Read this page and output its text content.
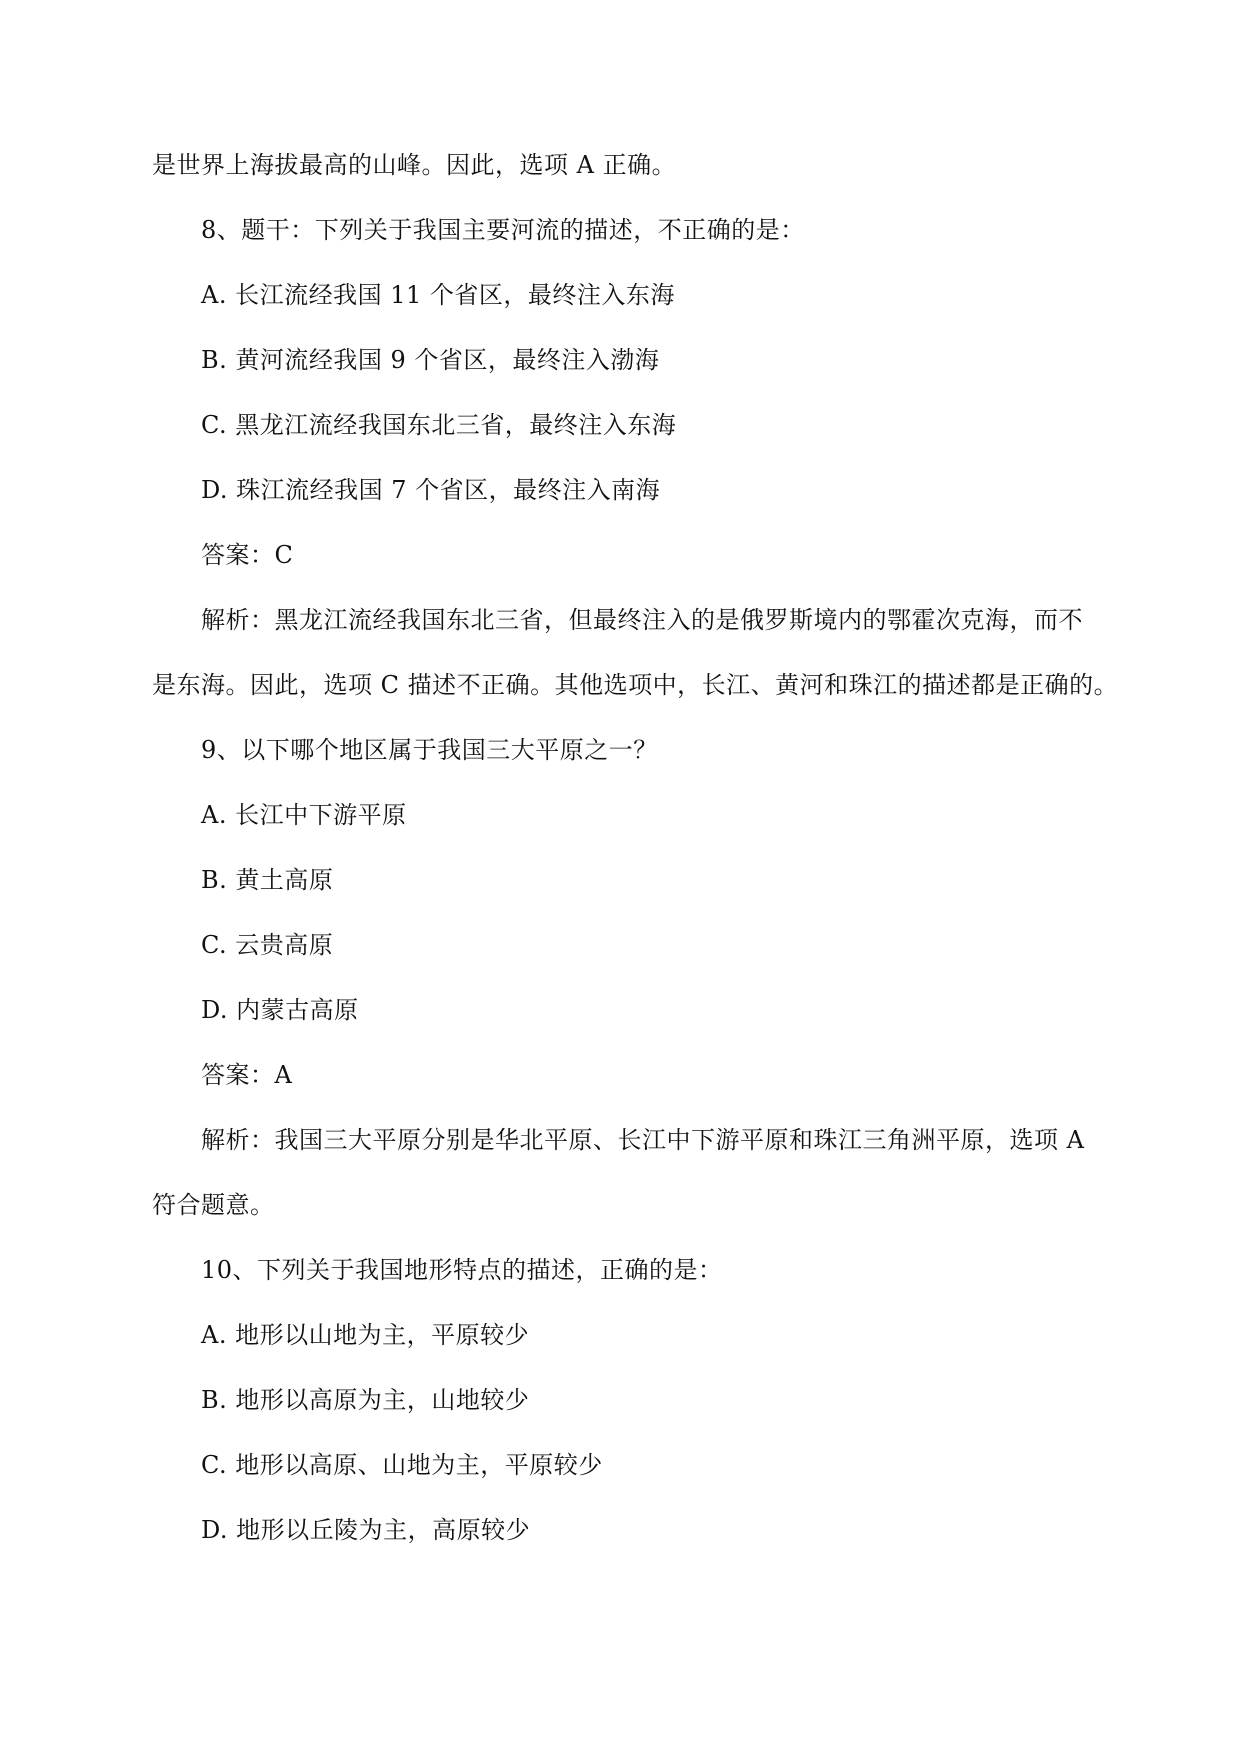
是世界上海拔最高的山峰。因此，选项 A 正确。

8、题干：下列关于我国主要河流的描述，不正确的是：

A. 长江流经我国 11 个省区，最终注入东海

B. 黄河流经我国 9 个省区，最终注入渤海

C. 黑龙江流经我国东北三省，最终注入东海

D. 珠江流经我国 7 个省区，最终注入南海

答案：C

解析：黑龙江流经我国东北三省，但最终注入的是俄罗斯境内的鄂霍次克海，而不

是东海。因此，选项 C 描述不正确。其他选项中，长江、黄河和珠江的描述都是正确的。

9、以下哪个地区属于我国三大平原之一？

A. 长江中下游平原

B. 黄土高原

C. 云贵高原

D. 内蒙古高原

答案：A

解析：我国三大平原分别是华北平原、长江中下游平原和珠江三角洲平原，选项 A

符合题意。

10、下列关于我国地形特点的描述，正确的是：

A. 地形以山地为主，平原较少

B. 地形以高原为主，山地较少

C. 地形以高原、山地为主，平原较少

D. 地形以丘陵为主，高原较少
